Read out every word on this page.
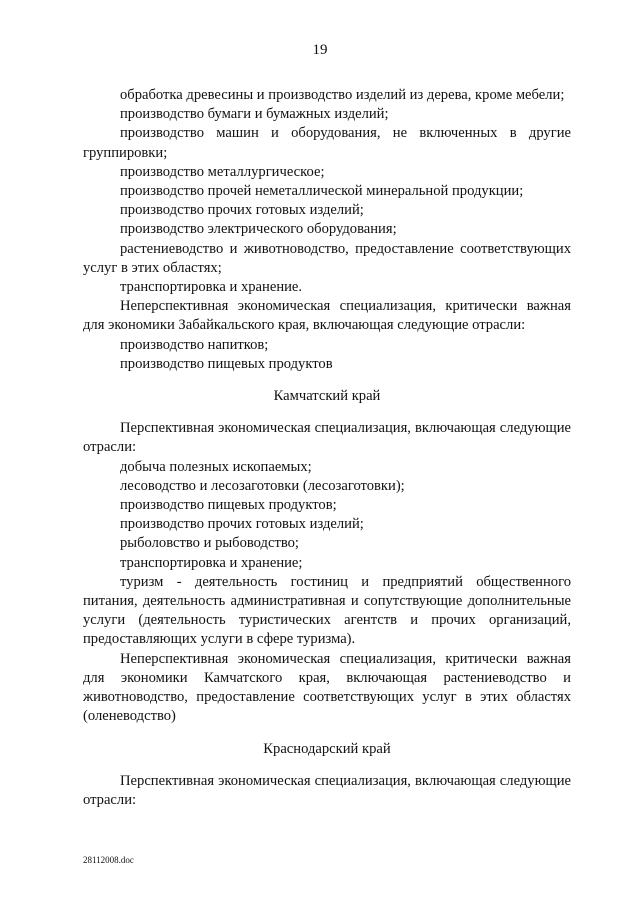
19

обработка древесины и производство изделий из дерева, кроме мебели;

производство бумаги и бумажных изделий;

производство машин и оборудования, не включенных в другие группировки;

производство металлургическое;

производство прочей неметаллической минеральной продукции;

производство прочих готовых изделий;

производство электрического оборудования;

растениеводство и животноводство, предоставление соответствующих услуг в этих областях;

транспортировка и хранение.

Неперспективная экономическая специализация, критически важная для экономики Забайкальского края, включающая следующие отрасли:

производство напитков;

производство пищевых продуктов

Камчатский край

Перспективная экономическая специализация, включающая следующие отрасли:

добыча полезных ископаемых;

лесоводство и лесозаготовки (лесозаготовки);

производство пищевых продуктов;

производство прочих готовых изделий;

рыболовство и рыбоводство;

транспортировка и хранение;

туризм - деятельность гостиниц и предприятий общественного питания, деятельность административная и сопутствующие дополнительные услуги (деятельность туристических агентств и прочих организаций, предоставляющих услуги в сфере туризма).

Неперспективная экономическая специализация, критически важная для экономики Камчатского края, включающая растениеводство и животноводство, предоставление соответствующих услуг в этих областях (оленеводство)

Краснодарский край

Перспективная экономическая специализация, включающая следующие отрасли:

28112008.doc
